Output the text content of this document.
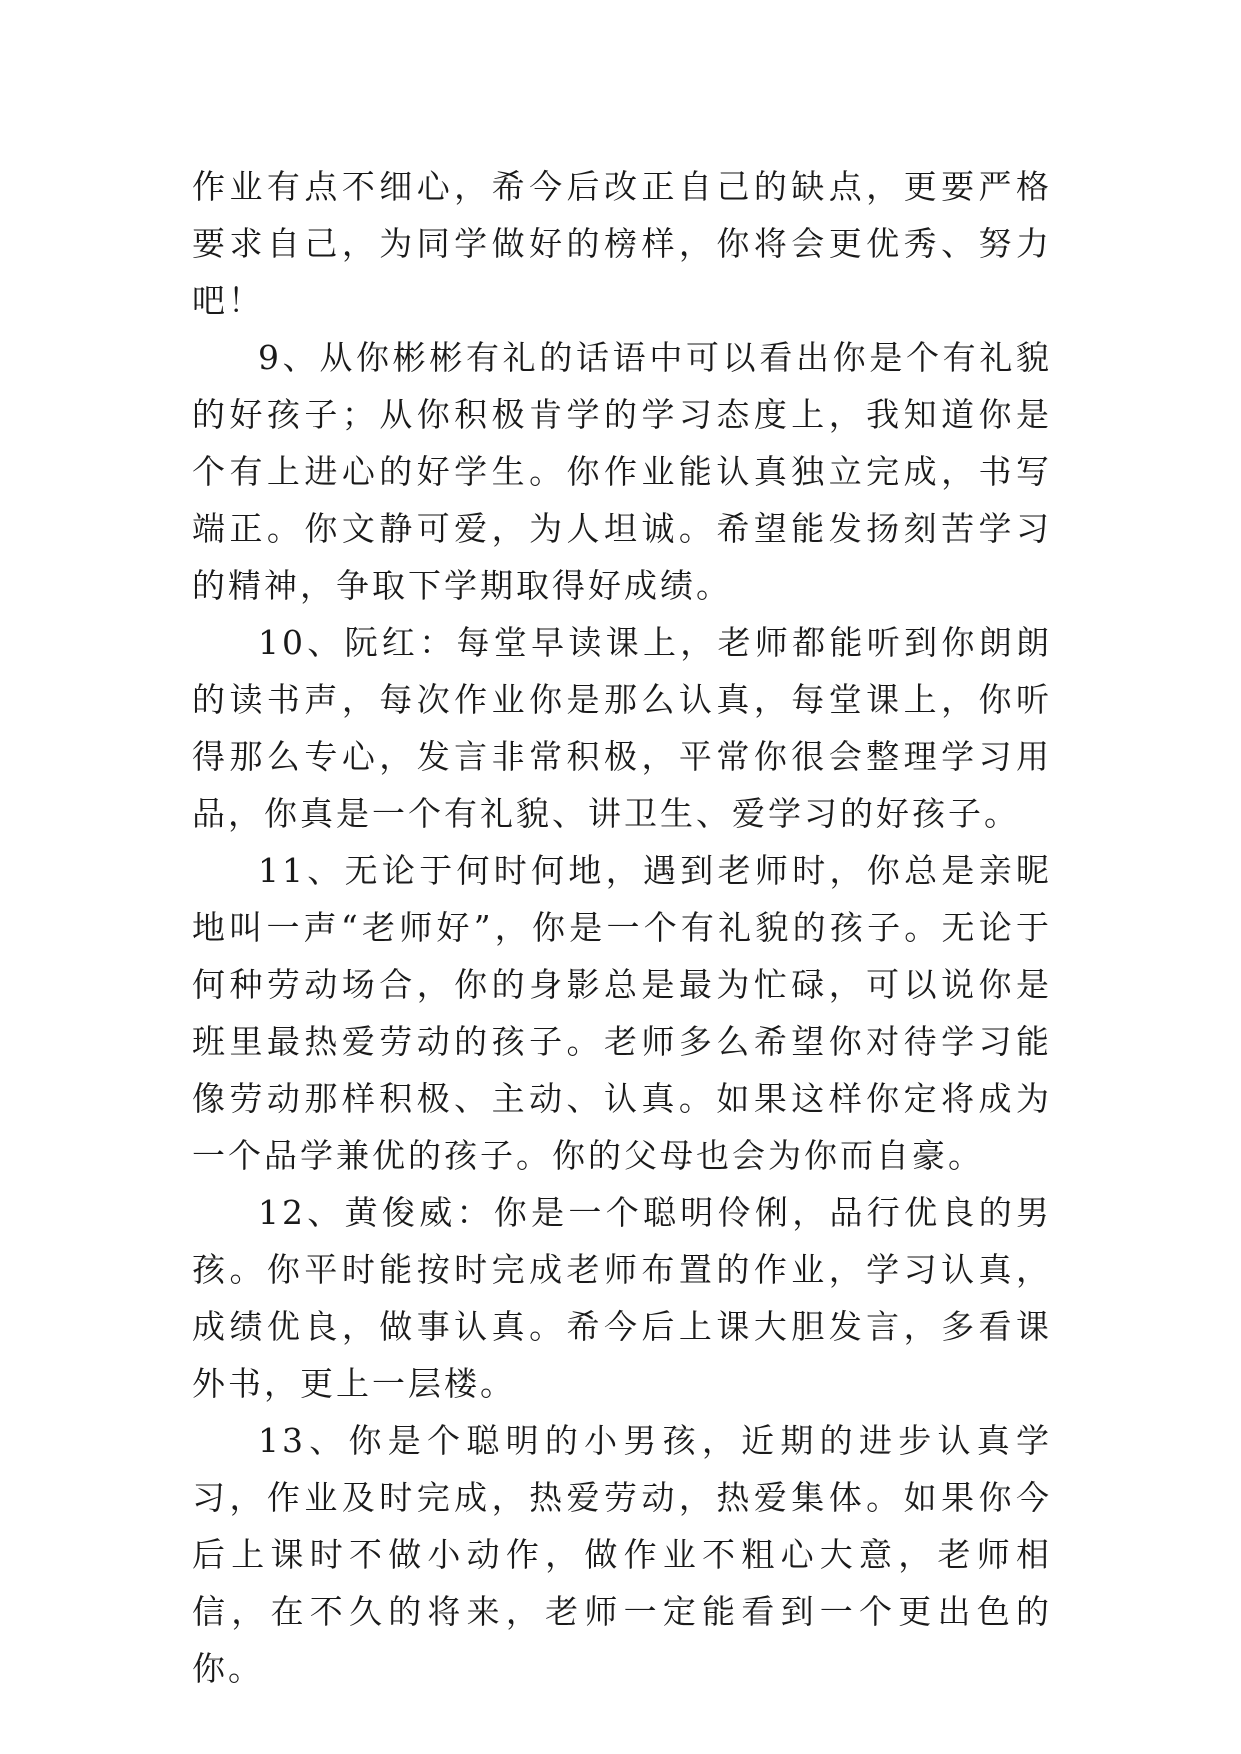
作业有点不细心，希今后改正自己的缺点，更要严格要求自己，为同学做好的榜样，你将会更优秀、努力吧！

9、从你彬彬有礼的话语中可以看出你是个有礼貌的好孩子；从你积极肯学的学习态度上，我知道你是个有上进心的好学生。你作业能认真独立完成，书写端正。你文静可爱，为人坦诚。希望能发扬刻苦学习的精神，争取下学期取得好成绩。

10、阮红：每堂早读课上，老师都能听到你朗朗的读书声，每次作业你是那么认真，每堂课上，你听得那么专心，发言非常积极，平常你很会整理学习用品，你真是一个有礼貌、讲卫生、爱学习的好孩子。

11、无论于何时何地，遇到老师时，你总是亲昵地叫一声“老师好”，你是一个有礼貌的孩子。无论于何种劳动场合，你的身影总是最为忙碌，可以说你是班里最热爱劳动的孩子。老师多么希望你对待学习能像劳动那样积极、主动、认真。如果这样你定将成为一个品学兼优的孩子。你的父母也会为你而自豪。

12、黄俊威：你是一个聪明伶俐，品行优良的男孩。你平时能按时完成老师布置的作业，学习认真，成绩优良，做事认真。希今后上课大胆发言，多看课外书，更上一层楼。

13、你是个聪明的小男孩，近期的进步认真学习，作业及时完成，热爱劳动，热爱集体。如果你今后上课时不做小动作，做作业不粗心大意，老师相信，在不久的将来，老师一定能看到一个更出色的你。
